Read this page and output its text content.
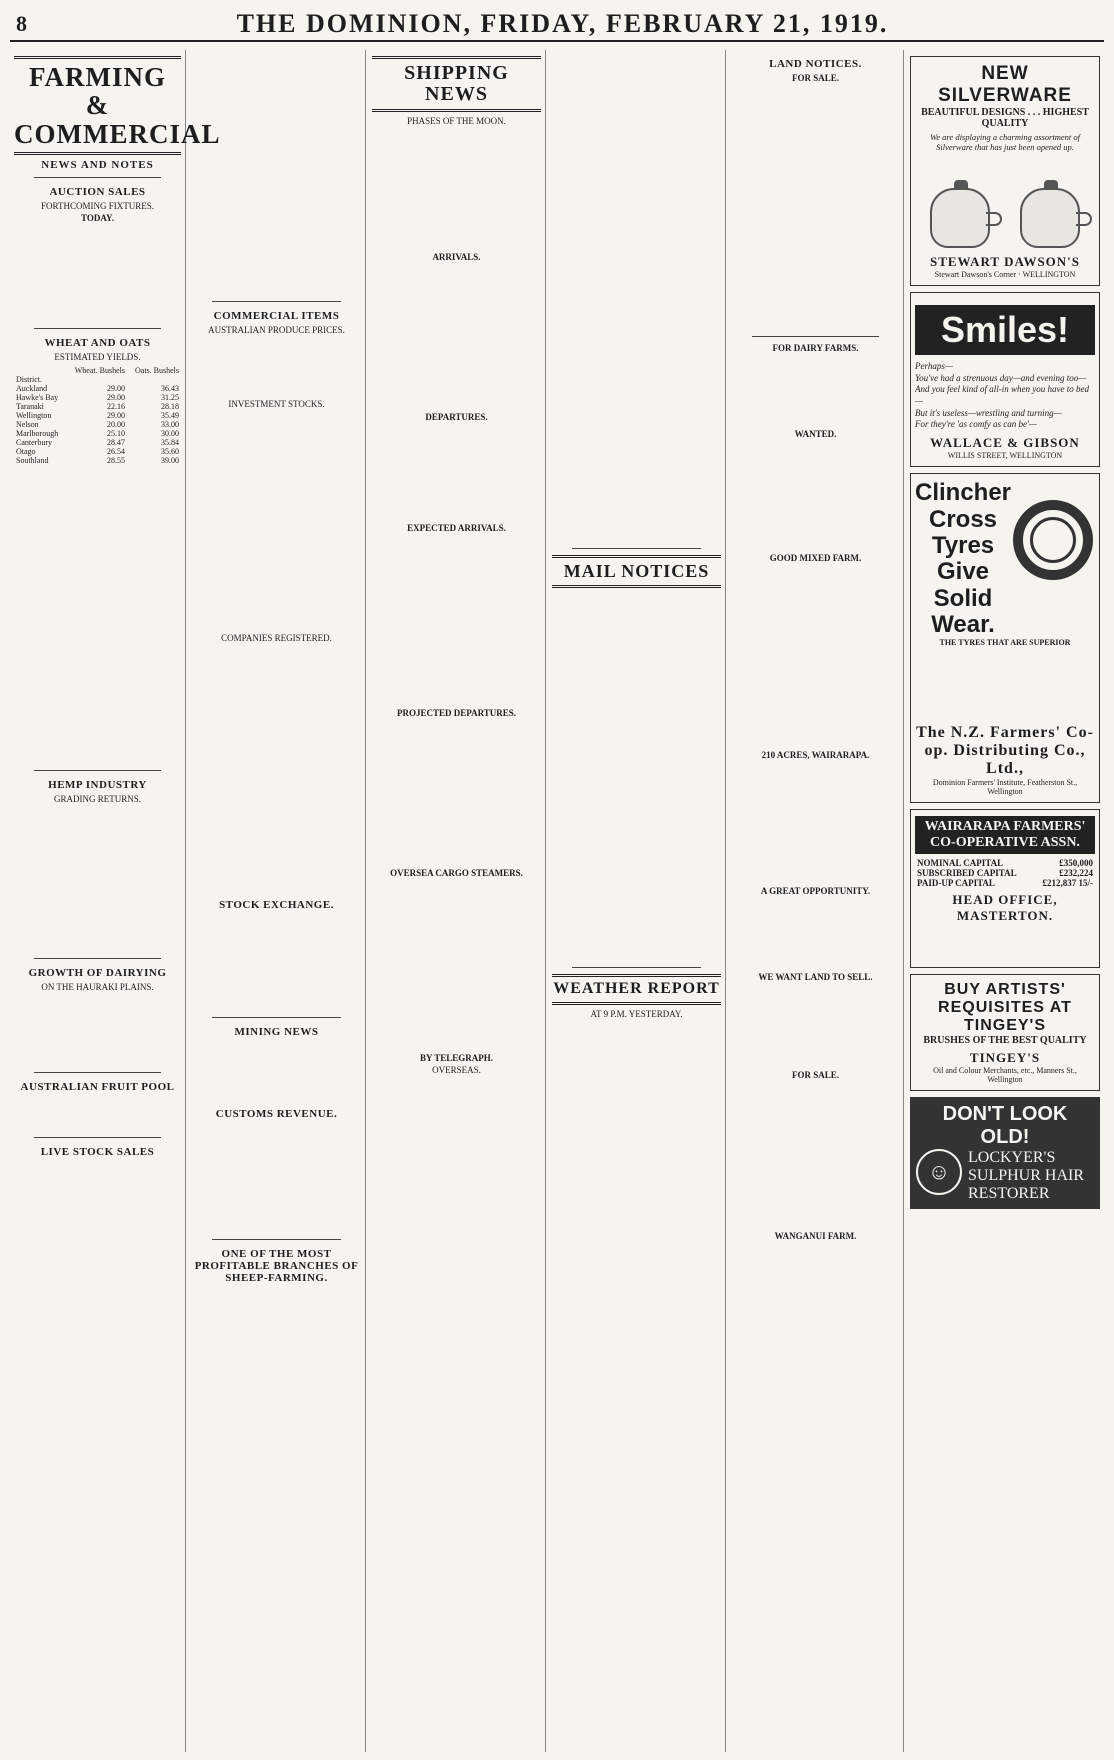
8	THE DOMINION, FRIDAY, FEBRUARY 21, 1919.
FARMING & COMMERCIAL
NEWS AND NOTES
AUCTION SALES
FORTHCOMING FIXTURES.
TODAY.

WHEAT AND OATS
ESTIMATED YIELDS.
	Wheat. Bushels	Oats. Bushels
District.		
Auckland	29.00	36.43
Hawke's Bay	29.00	31.25
Taranaki	22.16	28.18
Wellington	29.00	35.49
Nelson	20.00	33.00
Marlborough	25.10	30.00
Canterbury	28.47	35.84
Otago	26.54	35.60
Southland	28.55	39.00

HEMP INDUSTRY
GRADING RETURNS.

GROWTH OF DAIRYING
ON THE HAURAKI PLAINS.

AUSTRALIAN FRUIT POOL

LIVE STOCK SALES

COMMERCIAL ITEMS
AUSTRALIAN PRODUCE PRICES.

INVESTMENT STOCKS.

COMPANIES REGISTERED.

STOCK EXCHANGE.

MINING NEWS

CUSTOMS REVENUE.

ONE OF THE MOST PROFITABLE BRANCHES OF SHEEP-FARMING.

SHIPPING NEWS
PHASES OF THE MOON.

ARRIVALS.

DEPARTURES.

EXPECTED ARRIVALS.

PROJECTED DEPARTURES.

OVERSEA CARGO STEAMERS.

BY TELEGRAPH.
OVERSEAS.

MAIL NOTICES

WEATHER REPORT
AT 9 P.M. YESTERDAY.

LAND NOTICES.
FOR SALE.

FOR DAIRY FARMS.

WANTED.

GOOD MIXED FARM.

210 ACRES, WAIRARAPA.

A GREAT OPPORTUNITY.

WE WANT LAND TO SELL.

FOR SALE.

WANGANUI FARM.

NEW SILVERWARE
BEAUTIFUL DESIGNS . . . HIGHEST QUALITY
We are displaying a charming assortment of Silverware that has just been opened up.
STEWART DAWSON'S
Stewart Dawson's Corner · WELLINGTON
Smiles!
Perhaps—
You've had a strenuous day—and evening too—
And you feel kind of all-in when you have to bed—
But it's useless—wrestling and turning—
For they're 'as comfy as can be'—
WALLACE & GIBSON
WILLIS STREET, WELLINGTON
Clincher Cross Tyres Give Solid Wear.
THE TYRES THAT ARE SUPERIOR

The N.Z. Farmers' Co-op. Distributing Co., Ltd.,
Dominion Farmers' Institute, Featherston St., Wellington
WAIRARAPA FARMERS' CO-OPERATIVE ASSN.
NOMINAL CAPITAL	£350,000
SUBSCRIBED CAPITAL	£232,224
PAID-UP CAPITAL	£212,837 15/-
HEAD OFFICE, MASTERTON.

BUY ARTISTS' REQUISITES AT TINGEY'S
BRUSHES OF THE BEST QUALITY
TINGEY'S
Oil and Colour Merchants, etc., Manners St., Wellington
DON'T LOOK OLD!
☺
LOCKYER'S SULPHUR HAIR RESTORER
